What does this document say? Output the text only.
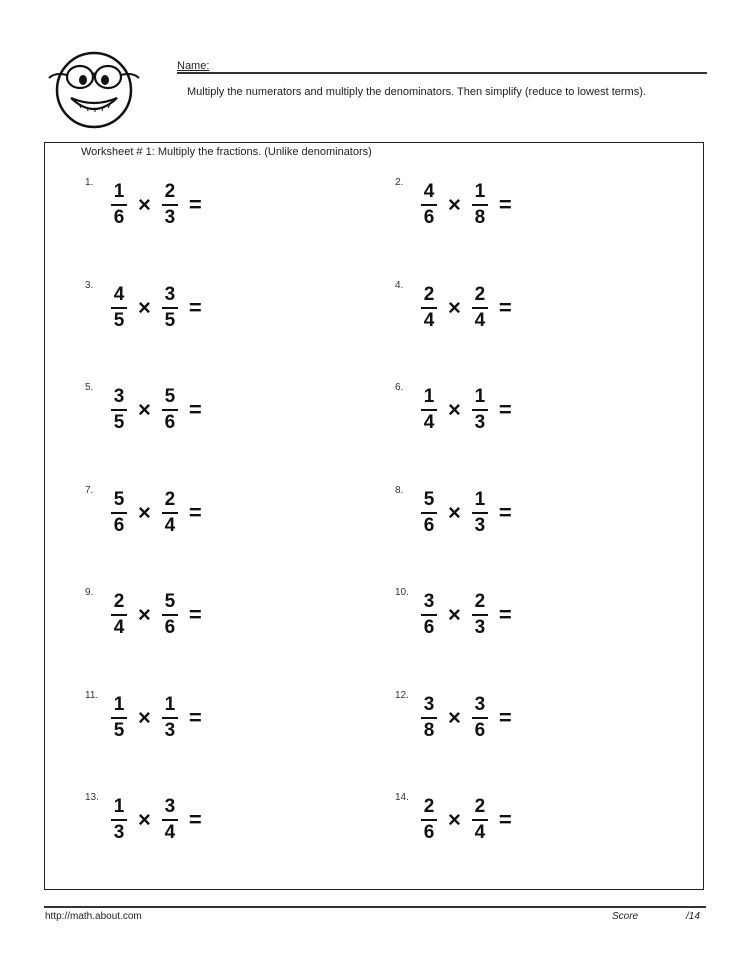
Name:
Multiply the numerators and multiply the denominators. Then simplify (reduce to lowest terms).
Worksheet # 1: Multiply the fractions. (Unlike denominators)
1. $\frac{1}{6} \times \frac{2}{3}$ =
2. $\frac{4}{6} \times \frac{1}{8}$ =
3. $\frac{4}{5} \times \frac{3}{5}$ =
4. $\frac{2}{4} \times \frac{2}{4}$ =
5. $\frac{3}{5} \times \frac{5}{6}$ =
6. $\frac{1}{4} \times \frac{1}{3}$ =
7. $\frac{5}{6} \times \frac{2}{4}$ =
8. $\frac{5}{6} \times \frac{1}{3}$ =
9. $\frac{2}{4} \times \frac{5}{6}$ =
10. $\frac{3}{6} \times \frac{2}{3}$ =
11. $\frac{1}{5} \times \frac{1}{3}$ =
12. $\frac{3}{8} \times \frac{3}{6}$ =
13. $\frac{1}{3} \times \frac{3}{4}$ =
14. $\frac{2}{6} \times \frac{2}{4}$ =
http://math.about.com	Score	/14
